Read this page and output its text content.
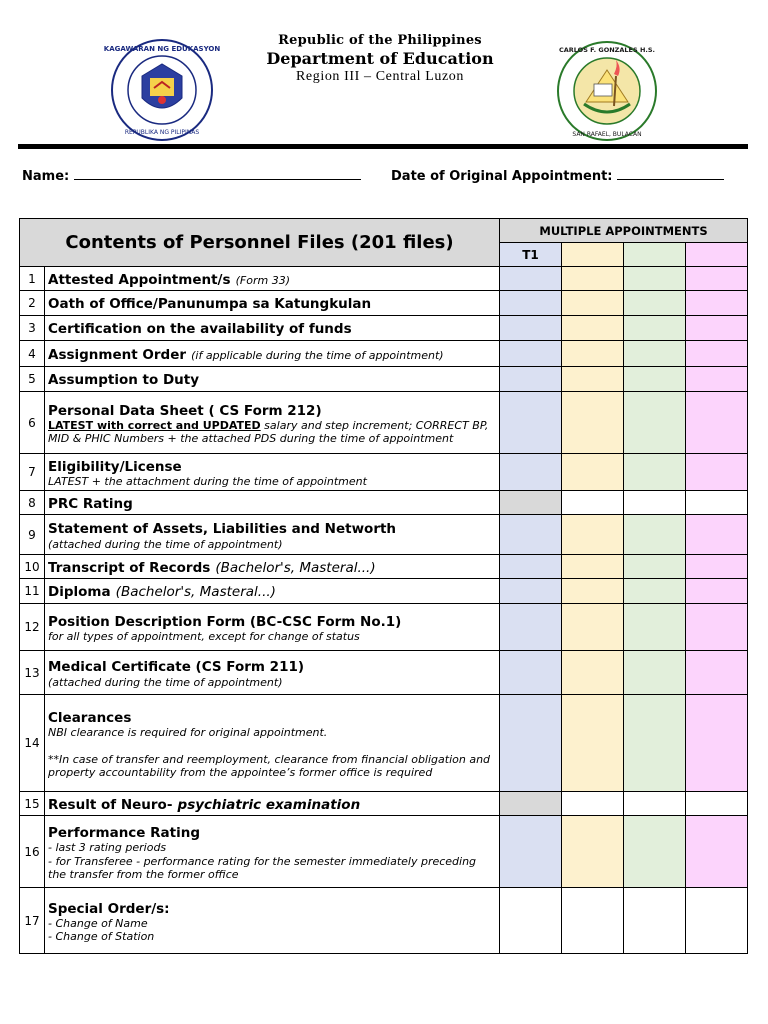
KAGAWARAN NG EDUKASYON
REPUBLIKA NG PILIPINAS
Republic of the Philippines
Department of Education
Region III – Central Luzon
CARLOS F. GONZALES H.S.
SAN RAFAEL, BULACAN
Name:	Date of Original Appointment:
Contents of Personnel Files (201 files)		MULTIPLE APPOINTMENTS			
		T1			
1	Attested Appointment/s (Form 33)				
2	Oath of Office/Panunumpa sa Katungkulan				
3	Certification on the availability of funds				
4	Assignment Order (if applicable during the time of appointment)				
5	Assumption to Duty				
6	Personal Data Sheet ( CS Form 212)
LATEST with correct and UPDATED salary and step increment; CORRECT BP, MID & PHIC Numbers + the attached PDS during the time of appointment				

7	Eligibility/License
LATEST + the attachment during the time of appointment				

8	PRC Rating				
9	Statement of Assets, Liabilities and Networth
(attached during the time of appointment)				

10	Transcript of Records (Bachelor's, Masteral...)				
11	Diploma (Bachelor's, Masteral...)				
12	Position Description Form (BC-CSC Form No.1)
for all types of appointment, except for change of status				

13	Medical Certificate (CS Form 211)
(attached during the time of appointment)				

14	Clearances
NBI clearance is required for original appointment.
**In case of transfer and reemployment, clearance from financial obligation and property accountability from the appointee’s former office is required				

15	Result of Neuro- psychiatric examination				
16	Performance Rating
- last 3 rating periods
- for Transferee - performance rating for the semester immediately preceding the transfer from the former office				

17	Special Order/s:
- Change of Name
- Change of Station				
